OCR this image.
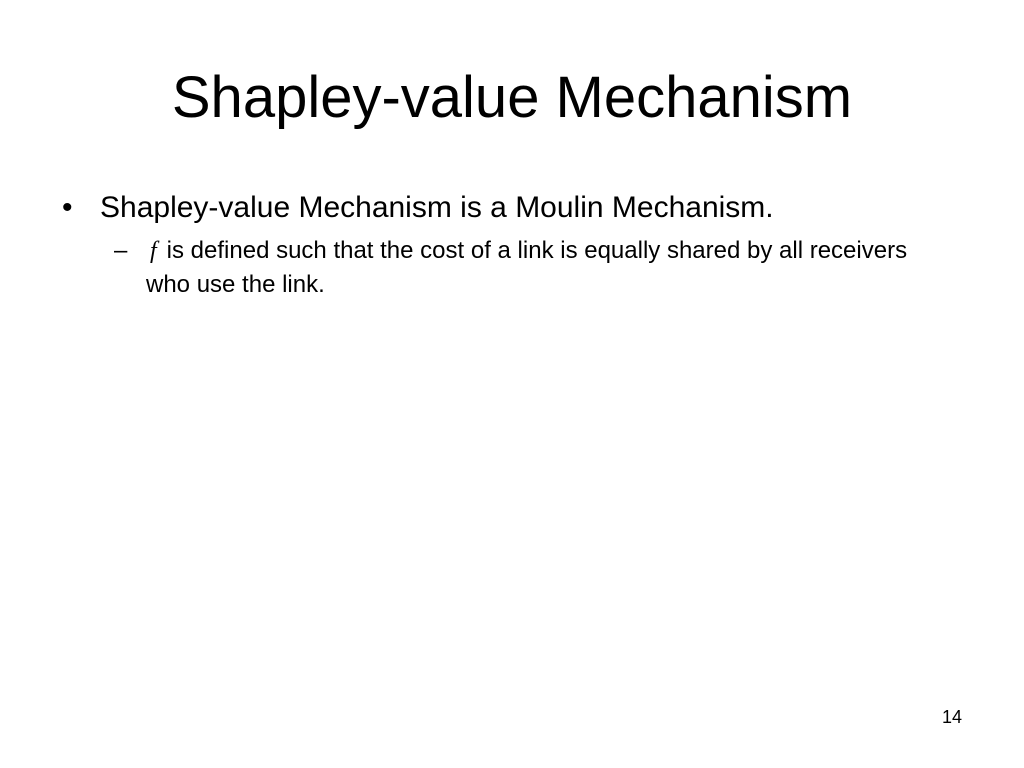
Shapley-value Mechanism
• Shapley-value Mechanism is a Moulin Mechanism.
– f is defined such that the cost of a link is equally shared by all receivers who use the link.
14
